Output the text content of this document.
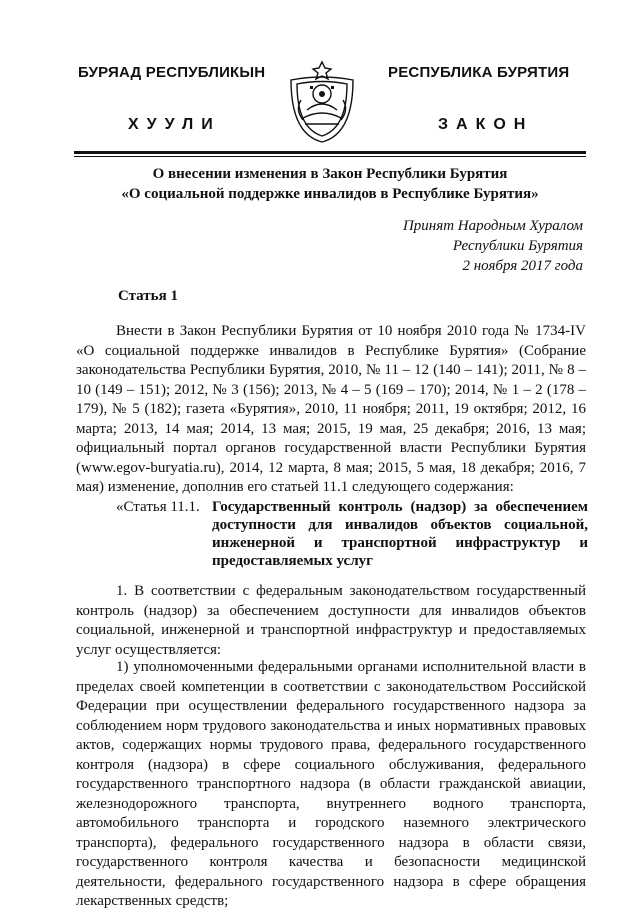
БУРЯАД РЕСПУБЛИКЫН	РЕСПУБЛИКА БУРЯТИЯ
ХУУЛИ	ЗАКОН
О внесении изменения в Закон Республики Бурятия
«О социальной поддержке инвалидов в Республике Бурятия»
Принят Народным Хуралом
Республики Бурятия
2 ноября 2017 года
Статья 1

Внести в Закон Республики Бурятия от 10 ноября 2010 года № 1734-IV «О социальной поддержке инвалидов в Республике Бурятия» (Собрание законодательства Республики Бурятия, 2010, № 11 – 12 (140 – 141); 2011, № 8 – 10 (149 – 151); 2012, № 3 (156); 2013, № 4 – 5 (169 – 170); 2014, № 1 – 2 (178 – 179), № 5 (182); газета «Бурятия», 2010, 11 ноября; 2011, 19 октября; 2012, 16 марта; 2013, 14 мая; 2014, 13 мая; 2015, 19 мая, 25 декабря; 2016, 13 мая; официальный портал органов государственной власти Республики Бурятия (www.egov-buryatia.ru), 2014, 12 марта, 8 мая; 2015, 5 мая, 18 декабря; 2016, 7 мая) изменение, дополнив его статьей 11.1 следующего содержания:

«Статья 11.1. Государственный контроль (надзор) за обеспечением доступности для инвалидов объектов социальной, инженерной и транспортной инфраструктур и предоставляемых услуг

1. В соответствии с федеральным законодательством государственный контроль (надзор) за обеспечением доступности для инвалидов объектов социальной, инженерной и транспортной инфраструктур и предоставляемых услуг осуществляется:

1) уполномоченными федеральными органами исполнительной власти в пределах своей компетенции в соответствии с законодательством Российской Федерации при осуществлении федерального государственного надзора за соблюдением норм трудового законодательства и иных нормативных правовых актов, содержащих нормы трудового права, федерального государственного контроля (надзора) в сфере социального обслуживания, федерального государственного транспортного надзора (в области гражданской авиации, железнодорожного транспорта, внутреннего водного транспорта, автомобильного транспорта и городского наземного электрического транспорта), федерального государственного надзора в области связи, государственного контроля качества и безопасности медицинской деятельности, федерального государственного надзора в сфере обращения лекарственных средств;
